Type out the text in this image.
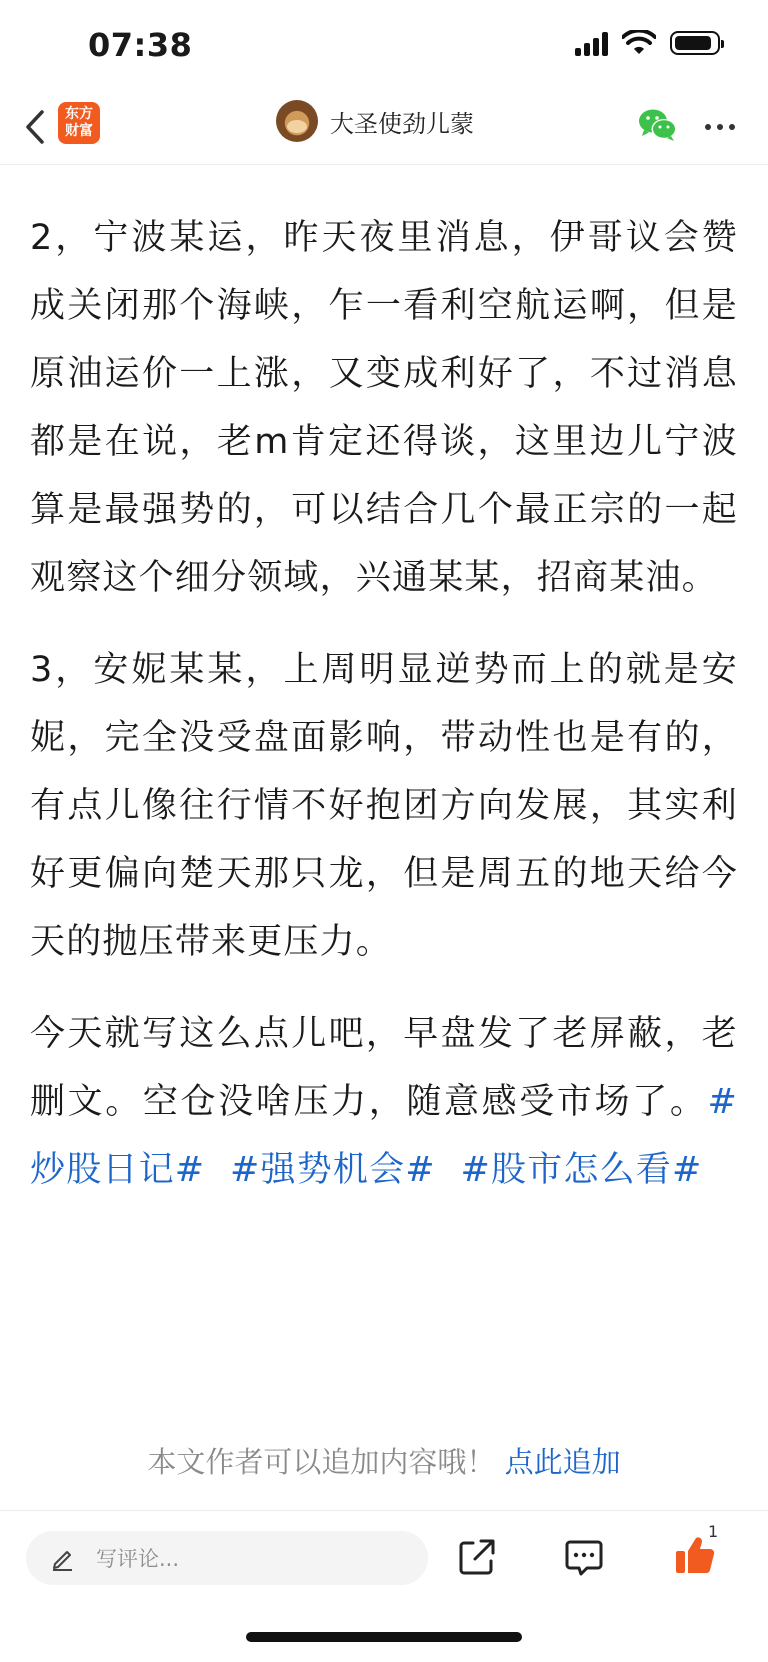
07:38
东方
财富	大圣使劲儿蒙

2，宁波某运，昨天夜里消息，伊哥议会赞成关闭那个海峡，乍一看利空航运啊，但是原油运价一上涨，又变成利好了，不过消息都是在说，老m肯定还得谈，这里边儿宁波算是最强势的，可以结合几个最正宗的一起观察这个细分领域，兴通某某，招商某油。

3，安妮某某，上周明显逆势而上的就是安妮，完全没受盘面影响，带动性也是有的，有点儿像往行情不好抱团方向发展，其实利好更偏向楚天那只龙，但是周五的地天给今天的抛压带来更压力。

今天就写这么点儿吧，早盘发了老屏蔽，老删文。空仓没啥压力，随意感受市场了。#炒股日记# #强势机会# #股市怎么看#

本文作者可以追加内容哦！ 点此追加
写评论...
1
